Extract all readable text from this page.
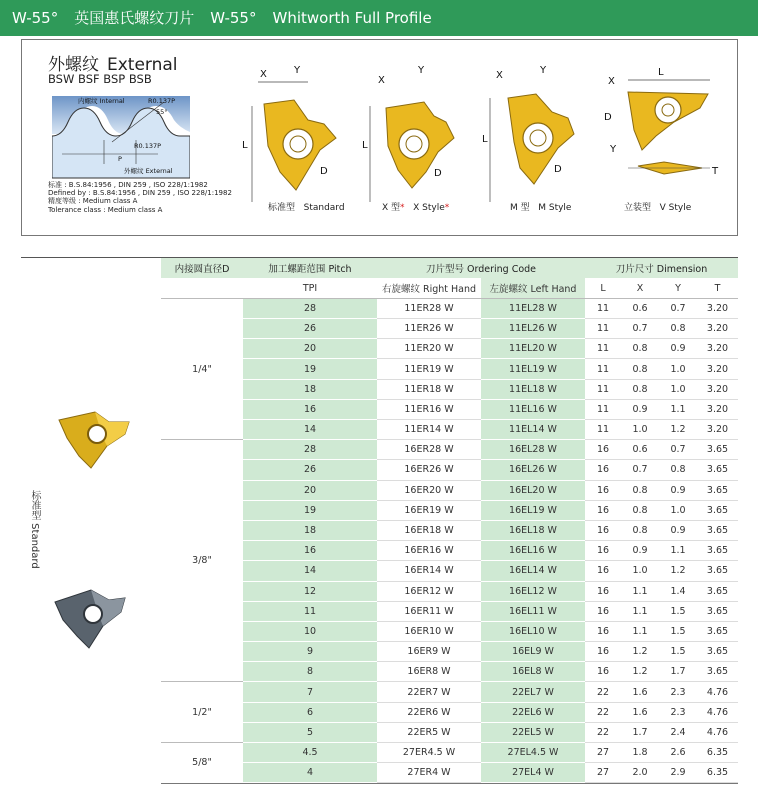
W-55° 英国惠氏螺纹刀片 W-55° Whitworth Full Profile
外螺纹 External
BSW BSF BSP BSB
内螺纹 Internal	R0.137P
55°
R0.137P
P
外螺纹 External
标准 : B.S.84:1956 , DIN 259 , ISO 228/1:1982
Defined by : B.S.84:1956 , DIN 259 , ISO 228/1:1982
精度等级 : Medium class A
Tolerance class : Medium class A
X	Y
L
D
标准型 Standard
X
Y
L
D
X 型* X Style*
X	Y
L
D
M 型 M Style
X
L
D
Y
T
立装型 V Style
标准型 Standard
内接圆直径D	加工螺距范围 Pitch	刀片型号 Ordering Code		刀片尺寸 Dimension			
	TPI	右旋螺纹 Right Hand	左旋螺纹 Left Hand	L	X	Y	T
1/4"	28	11ER28 W	11EL28 W	11	0.6	0.7	3.20
	26	11ER26 W	11EL26 W	11	0.7	0.8	3.20
	20	11ER20 W	11EL20 W	11	0.8	0.9	3.20
	19	11ER19 W	11EL19 W	11	0.8	1.0	3.20
	18	11ER18 W	11EL18 W	11	0.8	1.0	3.20
	16	11ER16 W	11EL16 W	11	0.9	1.1	3.20
	14	11ER14 W	11EL14 W	11	1.0	1.2	3.20
3/8"	28	16ER28 W	16EL28 W	16	0.6	0.7	3.65
	26	16ER26 W	16EL26 W	16	0.7	0.8	3.65
	20	16ER20 W	16EL20 W	16	0.8	0.9	3.65
	19	16ER19 W	16EL19 W	16	0.8	1.0	3.65
	18	16ER18 W	16EL18 W	16	0.8	0.9	3.65
	16	16ER16 W	16EL16 W	16	0.9	1.1	3.65
	14	16ER14 W	16EL14 W	16	1.0	1.2	3.65
	12	16ER12 W	16EL12 W	16	1.1	1.4	3.65
	11	16ER11 W	16EL11 W	16	1.1	1.5	3.65
	10	16ER10 W	16EL10 W	16	1.1	1.5	3.65
	9	16ER9 W	16EL9 W	16	1.2	1.5	3.65
	8	16ER8 W	16EL8 W	16	1.2	1.7	3.65
1/2"	7	22ER7 W	22EL7 W	22	1.6	2.3	4.76
	6	22ER6 W	22EL6 W	22	1.6	2.3	4.76
	5	22ER5 W	22EL5 W	22	1.7	2.4	4.76
5/8"	4.5	27ER4.5 W	27EL4.5 W	27	1.8	2.6	6.35
	4	27ER4 W	27EL4 W	27	2.0	2.9	6.35
